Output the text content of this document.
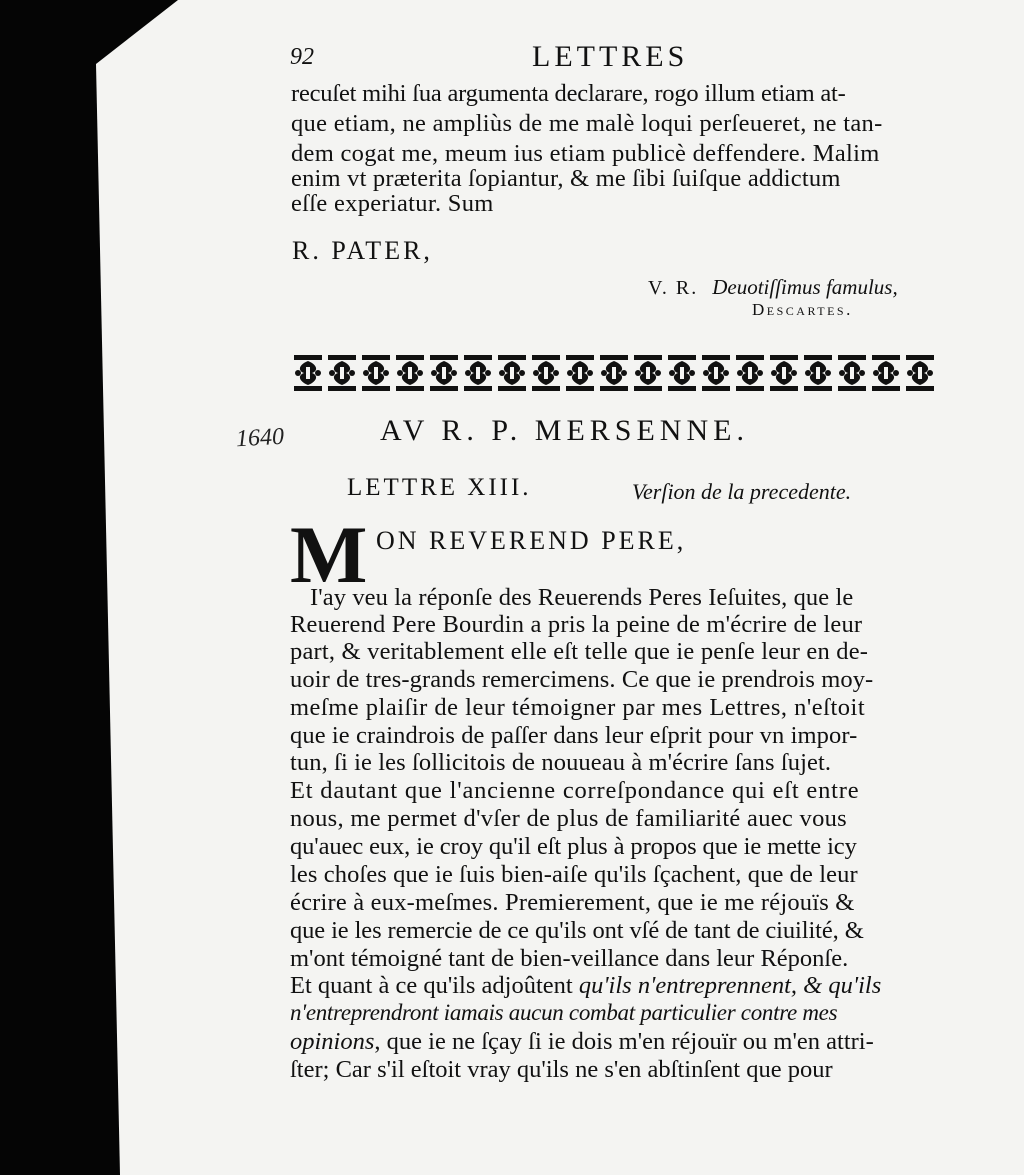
92	LETTRES
recuſet mihi ſua argumenta declarare, rogo illum etiam at-
que etiam, ne ampliùs de me malè loqui perſeueret, ne tan-
dem cogat me, meum ius etiam publicè deffendere. Malim
enim vt præterita ſopiantur, & me ſibi ſuiſque addictum
eſſe experiatur. Sum
R. PATER,
V. R. Deuotiſſimus famulus,
Descartes.
1640	AV R. P. MERSENNE.
LETTRE XIII.	Verſion de la precedente.
M ON REVEREND PERE,
I'ay veu la réponſe des Reuerends Peres Ieſuites, que le
Reuerend Pere Bourdin a pris la peine de m'écrire de leur
part, & veritablement elle eſt telle que ie penſe leur en de-
uoir de tres-grands remercimens. Ce que ie prendrois moy-
meſme plaiſir de leur témoigner par mes Lettres, n'eſtoit
que ie craindrois de paſſer dans leur eſprit pour vn impor-
tun, ſi ie les ſollicitois de nouueau à m'écrire ſans ſujet.
Et dautant que l'ancienne correſpondance qui eſt entre
nous, me permet d'vſer de plus de familiarité auec vous
qu'auec eux, ie croy qu'il eſt plus à propos que ie mette icy
les choſes que ie ſuis bien-aiſe qu'ils ſçachent, que de leur
écrire à eux-meſmes. Premierement, que ie me réjouïs &
que ie les remercie de ce qu'ils ont vſé de tant de ciuilité, &
m'ont témoigné tant de bien-veillance dans leur Réponſe.
Et quant à ce qu'ils adjoûtent qu'ils n'entreprennent, & qu'ils
n'entreprendront iamais aucun combat particulier contre mes
opinions, que ie ne ſçay ſi ie dois m'en réjouïr ou m'en attri-
ſter; Car s'il eſtoit vray qu'ils ne s'en abſtinſent que pour
